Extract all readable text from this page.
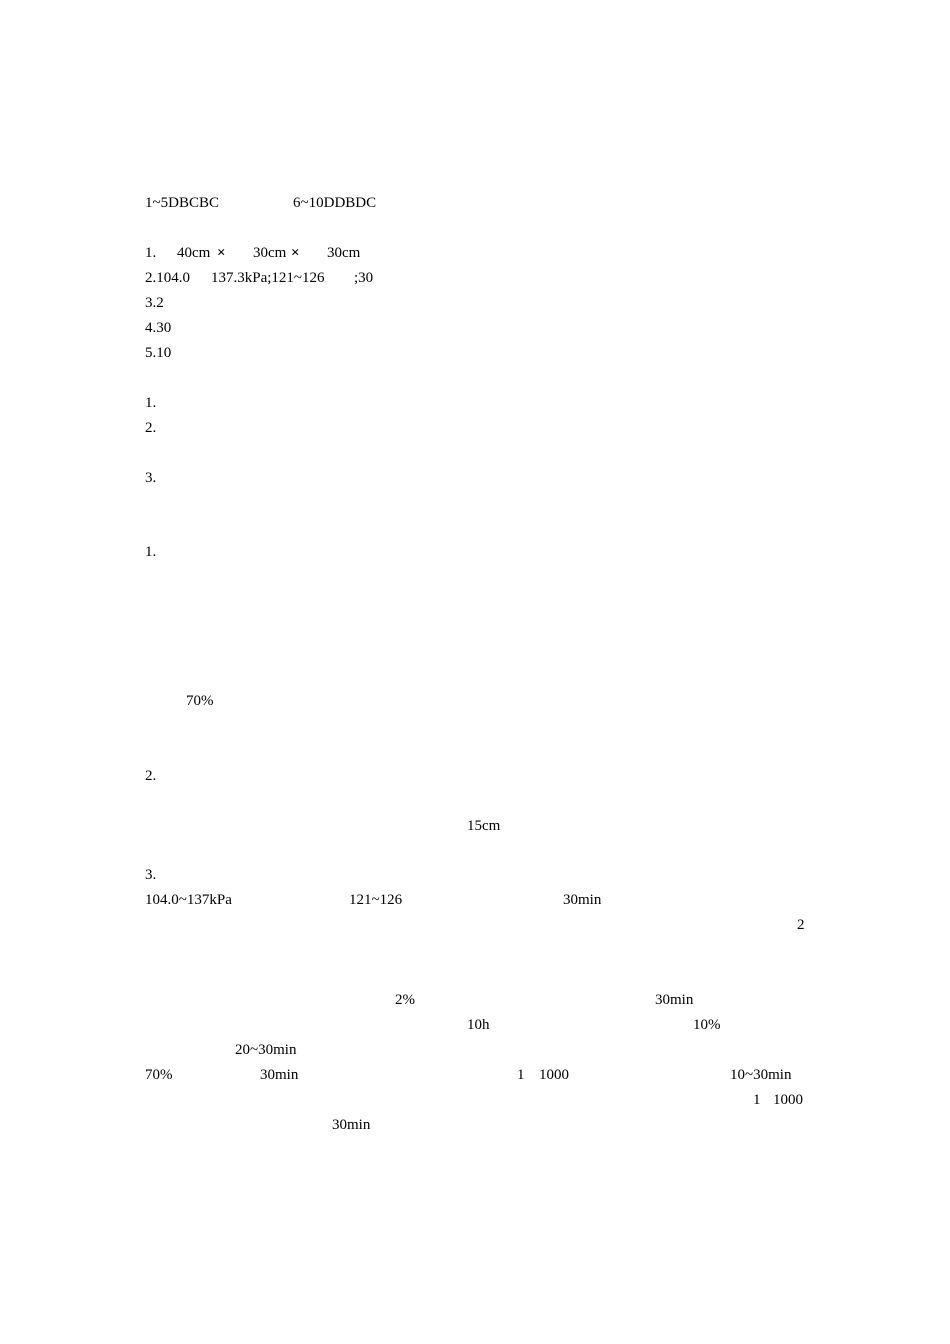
1~5DBCBC	6~10DDBDC
1. 40cm × 30cm × 30cm
2.104.0 137.3kPa;121~126 ;30
3.2
4.30
5.10
1.
2.
3.
1.
70%
2.
15cm
3.
104.0~137kPa	121~126	30min
2
2%	30min
10h	10%
20~30min
70%	30min	1 1000	10~30min
1 1000
30min
